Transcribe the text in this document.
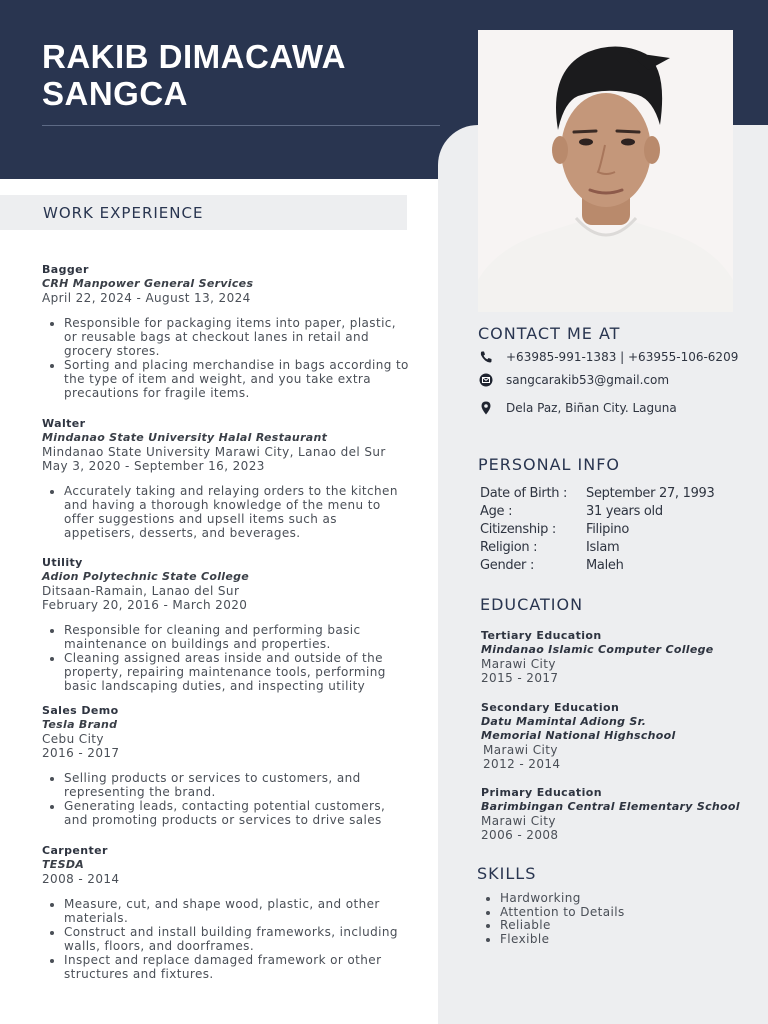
RAKIB DIMACAWA SANGCA
WORK EXPERIENCE
Bagger
CRH Manpower General Services
April 22, 2024 - August 13, 2024
• Responsible for packaging items into paper, plastic, or reusable bags at checkout lanes in retail and grocery stores.
• Sorting and placing merchandise in bags according to the type of item and weight, and you take extra precautions for fragile items.
Walter
Mindanao State University Halal Restaurant
Mindanao State University Marawi City, Lanao del Sur
May 3, 2020 - September 16, 2023
• Accurately taking and relaying orders to the kitchen and having a thorough knowledge of the menu to offer suggestions and upsell items such as appetisers, desserts, and beverages.
Utility
Adion Polytechnic State College
Ditsaan-Ramain, Lanao del Sur
February 20, 2016 - March 2020
• Responsible for cleaning and performing basic maintenance on buildings and properties.
• Cleaning assigned areas inside and outside of the property, repairing maintenance tools, performing basic landscaping duties, and inspecting utility
Sales Demo
Tesla Brand
Cebu City
2016 - 2017
• Selling products or services to customers, and representing the brand.
• Generating leads, contacting potential customers, and promoting products or services to drive sales
Carpenter
TESDA
2008 - 2014
• Measure, cut, and shape wood, plastic, and other materials.
• Construct and install building frameworks, including walls, floors, and doorframes.
• Inspect and replace damaged framework or other structures and fixtures.
CONTACT ME AT
+63985-991-1383 | +63955-106-6209
sangcarakib53@gmail.com
Dela Paz, Biñan City. Laguna
PERSONAL INFO
Date of Birth : September 27, 1993
Age :	31 years old
Citizenship : Filipino
Religion :	Islam
Gender :	Maleh
EDUCATION
Tertiary Education
Mindanao Islamic Computer College
Marawi City
2015 - 2017
Secondary Education
Datu Mamintal Adiong Sr.
Memorial National Highschool
Marawi City
2012 - 2014
Primary Education
Barimbingan Central Elementary School
Marawi City
2006 - 2008
SKILLS
• Hardworking
• Attention to Details
• Reliable
• Flexible
